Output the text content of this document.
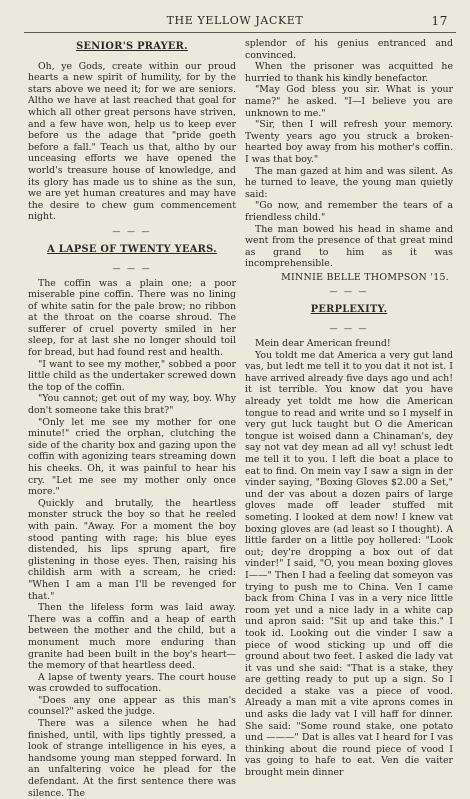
THE YELLOW JACKET	17
SENIOR'S PRAYER.

Oh, ye Gods, create within our proud hearts a new spirit of humility, for by the stars above we need it; for we are seniors. Altho we have at last reached that goal for which all other great persons have striven, and a few have won, help us to keep ever before us the adage that "pride goeth before a fall." Teach us that, altho by our unceasing efforts we have opened the world's treasure house of knowledge, and its glory has made us to shine as the sun, we are yet human creatures and may have the desire to chew gum commencement night.

— — —
A LAPSE OF TWENTY YEARS.
— — —

The coffin was a plain one; a poor miserable pine coffin. There was no lining of white satin for the pale brow; no ribbon at the throat on the coarse shroud. The sufferer of cruel poverty smiled in her sleep, for at last she no longer should toil for bread, but had found rest and health.

"I want to see my mother," sobbed a poor little child as the undertaker screwed down the top of the coffin.

"You cannot; get out of my way, boy. Why don't someone take this brat?"

"Only let me see my mother for one minute!" cried the orphan, clutching the side of the charity box and gazing upon the coffin with agonizing tears streaming down his cheeks. Oh, it was painful to hear his cry. "Let me see my mother only once more."

Quickly and brutally, the heartless monster struck the boy so that he reeled with pain. "Away. For a moment the boy stood panting with rage; his blue eyes distended, his lips sprung apart, fire glistening in those eyes. Then, raising his childish arm with a scream, he cried: "When I am a man I'll be revenged for that."

Then the lifeless form was laid away. There was a coffin and a heap of earth between the mother and the child, but a monument much more enduring than granite had been built in the boy's heart—the memory of that heartless deed.

A lapse of twenty years. The court house was crowded to suffocation.

"Does any one appear as this man's counsel?" asked the judge.

There was a silence when he had finished, until, with lips tightly pressed, a look of strange intelligence in his eyes, a handsome young man stepped forward. In an unfaltering voice he plead for the defendant. At the first sentence there was silence. The

splendor of his genius entranced and convinced.

When the prisoner was acquitted he hurried to thank his kindly benefactor.

"May God bless you sir. What is your name?" he asked. "I—I believe you are unknown to me."

"Sir, then I will refresh your memory. Twenty years ago you struck a broken-hearted boy away from his mother's coffin. I was that boy."

The man gazed at him and was silent. As he turned to leave, the young man quietly said:

"Go now, and remember the tears of a friendless child."

The man bowed his head in shame and went from the presence of that great mind as grand to him as it was incomprehensible.

MINNIE BELLE THOMPSON '15.
— — —
PERPLEXITY.
— — —

Mein dear American freund!

You toldt me dat America a very gut land vas, but ledt me tell it to you dat it not ist. I have arrived already five days ago und ach! it ist terrible. You know dat you have already yet toldt me how die American tongue to read and write und so I myself in very gut luck taught but O die American tongue ist woised dann a Chinaman's, dey say not vat dey mean ad all vy! schust ledt me tell it to you. I left die boat a place to eat to find. On mein vay I saw a sign in der vinder saying, "Boxing Gloves $2.00 a Set," und der vas about a dozen pairs of large gloves made off leader stuffed mit someting. I looked at dem now! I knew vat boxing gloves are (ad least so I thought). A little farder on a little poy hollered: "Look out; dey're dropping a box out of dat vinder!" I said, "O, you mean boxing gloves I——" Then I had a feeling dat someyon vas trying to push me to China. Ven I came back from China I vas in a very nice little room yet und a nice lady in a white cap und apron said: "Sit up and take this." I took id. Looking out die vinder I saw a piece of wood sticking up und off die ground about two feet. I asked die lady vat it vas und she said: "That is a stake, they are getting ready to put up a sign. So I decided a stake vas a piece of vood. Already a man mit a vite aprons comes in und asks die lady vat I vill haff for dinner. She said: "Some round stake, one potato und ———" Dat is alles vat I heard for I vas thinking about die round piece of vood I vas going to hafe to eat. Ven die vaiter brought mein dinner
